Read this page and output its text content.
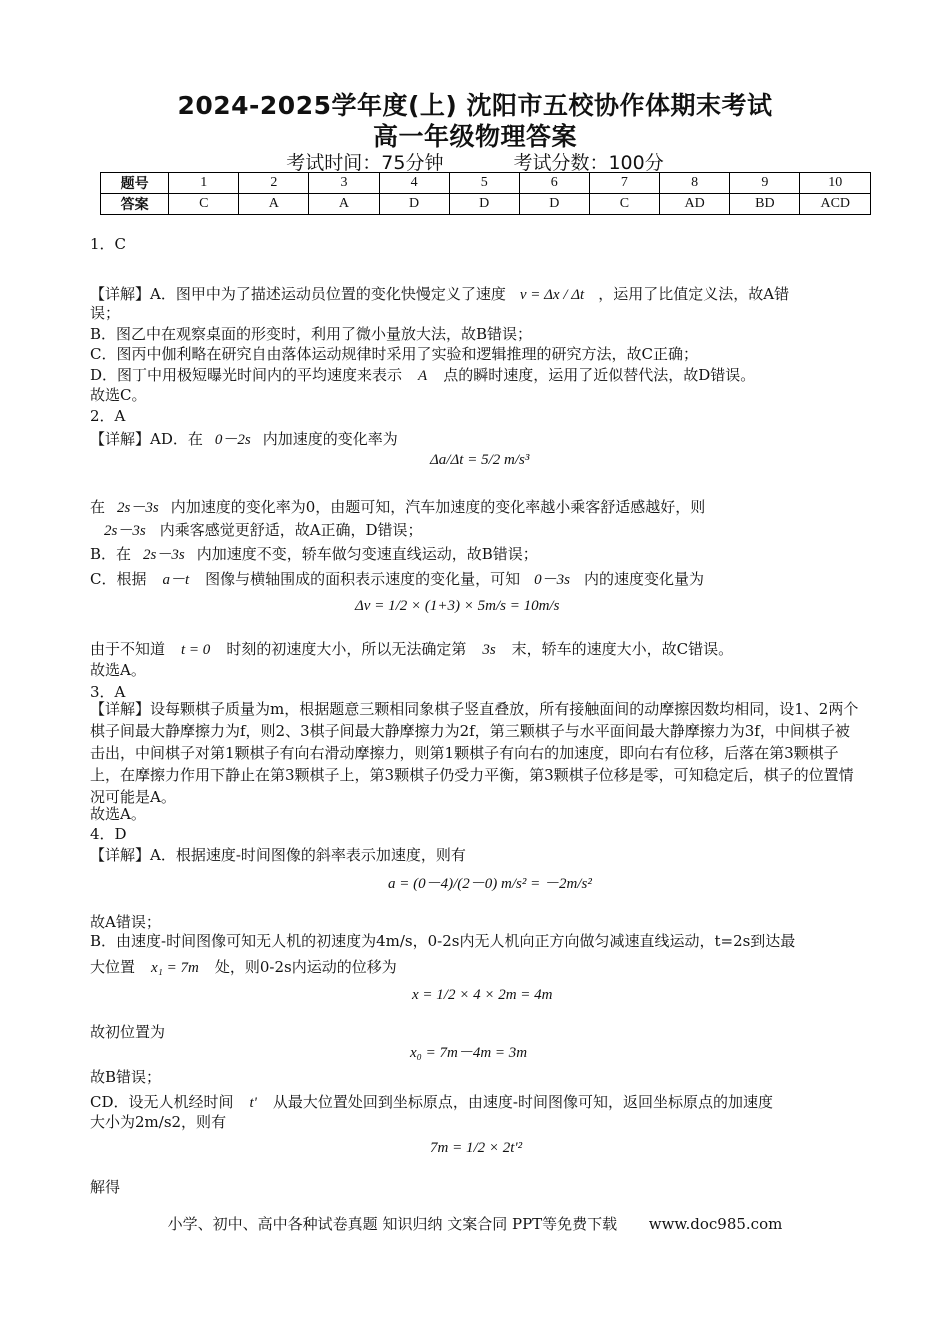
2024-2025学年度(上) 沈阳市五校协作体期末考试
高一年级物理答案
考试时间：75分钟	考试分数：100分
题号	1	2	3	4	5	6	7	8	9	10
答案	C	A	A	D	D	D	C	AD	BD	ACD
1．C
【详解】A．图甲中为了描述运动员位置的变化快慢定义了速度 v = Δx / Δt ，运用了比值定义法，故A错
误；
B．图乙中在观察桌面的形变时，利用了微小量放大法，故B错误；
C．图丙中伽利略在研究自由落体运动规律时采用了实验和逻辑推理的研究方法，故C正确；
D．图丁中用极短曝光时间内的平均速度来表示 A 点的瞬时速度，运用了近似替代法，故D错误。
故选C。
2．A
【详解】AD．在 0－2s 内加速度的变化率为
Δa/Δt = 5/2 m/s³
在 2s－3s 内加速度的变化率为0，由题可知，汽车加速度的变化率越小乘客舒适感越好，则
2s－3s 内乘客感觉更舒适，故A正确，D错误；
B．在 2s－3s 内加速度不变，轿车做匀变速直线运动，故B错误；
C．根据 a－t 图像与横轴围成的面积表示速度的变化量，可知 0－3s 内的速度变化量为
Δv = 1/2 × (1+3) × 5m/s = 10m/s
由于不知道 t = 0 时刻的初速度大小，所以无法确定第 3s 末，轿车的速度大小，故C错误。
故选A。
3．A
【详解】设每颗棋子质量为m，根据题意三颗相同象棋子竖直叠放，所有接触面间的动摩擦因数均相同，设1、2两个棋子间最大静摩擦力为f，则2、3棋子间最大静摩擦力为2f，第三颗棋子与水平面间最大静摩擦力为3f，中间棋子被击出，中间棋子对第1颗棋子有向右滑动摩擦力，则第1颗棋子有向右的加速度，即向右有位移，后落在第3颗棋子上，在摩擦力作用下静止在第3颗棋子上，第3颗棋子仍受力平衡，第3颗棋子位移是零，可知稳定后，棋子的位置情况可能是A。
故选A。
4．D
【详解】A．根据速度-时间图像的斜率表示加速度，则有
a = (0－4)/(2－0) m/s² = －2m/s²
故A错误；
B．由速度-时间图像可知无人机的初速度为4m/s，0-2s内无人机向正方向做匀减速直线运动，t=2s到达最
大位置 x₁ = 7m 处，则0-2s内运动的位移为
x = 1/2 × 4 × 2m = 4m
故初位置为
x₀ = 7m－4m = 3m
故B错误；
CD．设无人机经时间 t' 从最大位置处回到坐标原点，由速度-时间图像可知，返回坐标原点的加速度
大小为2m/s2，则有
7m = 1/2 × 2t'²
解得
小学、初中、高中各种试卷真题 知识归纳 文案合同 PPT等免费下载 www.doc985.com
